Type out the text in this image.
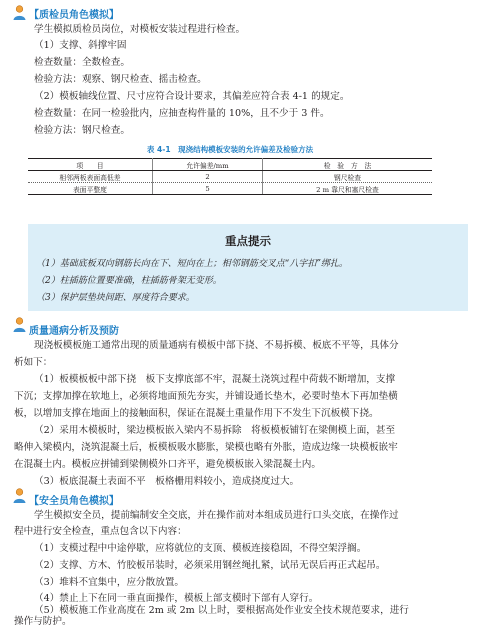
【质检员角色模拟】
学生模拟质检员岗位，对模板安装过程进行检查。
（1）支撑、斜撑牢固
检查数量：全数检查。
检验方法：观察、钢尺检查、摇击检查。
（2）模板轴线位置、尺寸应符合设计要求，其偏差应符合表 4-1 的规定。
检查数量：在同一检验批内，应抽查构件量的 10%，且不少于 3 件。
检验方法：钢尺检查。
表 4-1　现浇结构模板安装的允许偏差及检验方法
项　　目	允许偏差/mm	检　验　方　法
相邻两板表面高低差	2	钢尺检查
表面平整度	5	2 m 靠尺和塞尺检查
重点提示
（1）基础底板双向钢筋长向在下、短向在上；相邻钢筋交叉点“八字扣”绑扎。
（2）柱插筋位置要准确，柱插筋骨架无变形。
（3）保护层垫块间距、厚度符合要求。
质量通病分析及预防
现浇板模板施工通常出现的质量通病有模板中部下挠、不易拆模、板底不平等，具体分
析如下：
（1）板模板板中部下挠　板下支撑底部不牢，混凝土浇筑过程中荷载不断增加，支撑
下沉；支撑加撑在软地上，必须将地面预先夯实，并铺设通长垫木，必要时垫木下再加垫横
板，以增加支撑在地面上的接触面积，保证在混凝土重量作用下不发生下沉板模下挠。
（2）采用木模板时，梁边模板嵌入梁内不易拆除　将板模板铺钉在梁侧模上面，甚至
略伸入梁模内，浇筑混凝土后，板模板吸水膨胀，梁模也略有外胀，造成边缘一块模板嵌牢
在混凝土内。模板应拼铺到梁侧模外口齐平，避免模板嵌入梁混凝土内。
（3）板底混凝土表面不平　板格栅用料较小，造成挠度过大。
【安全员角色模拟】
学生模拟安全员，提前编制安全交底，并在操作前对本组成员进行口头交底，在操作过
程中进行安全检查，重点包含以下内容：
（1）支模过程中中途停歇，应将就位的支顶、模板连接稳固，不得空架浮搁。
（2）支撑、方木、竹胶板吊装时，必须采用钢丝绳扎紧，试吊无误后再正式起吊。
（3）堆料不宜集中，应分散放置。
（4）禁止上下在同一垂直面操作，模板上部支模时下部有人穿行。
（5）模板施工作业高度在 2m 或 2m 以上时，要根据高处作业安全技术规范要求，进行
操作与防护。
